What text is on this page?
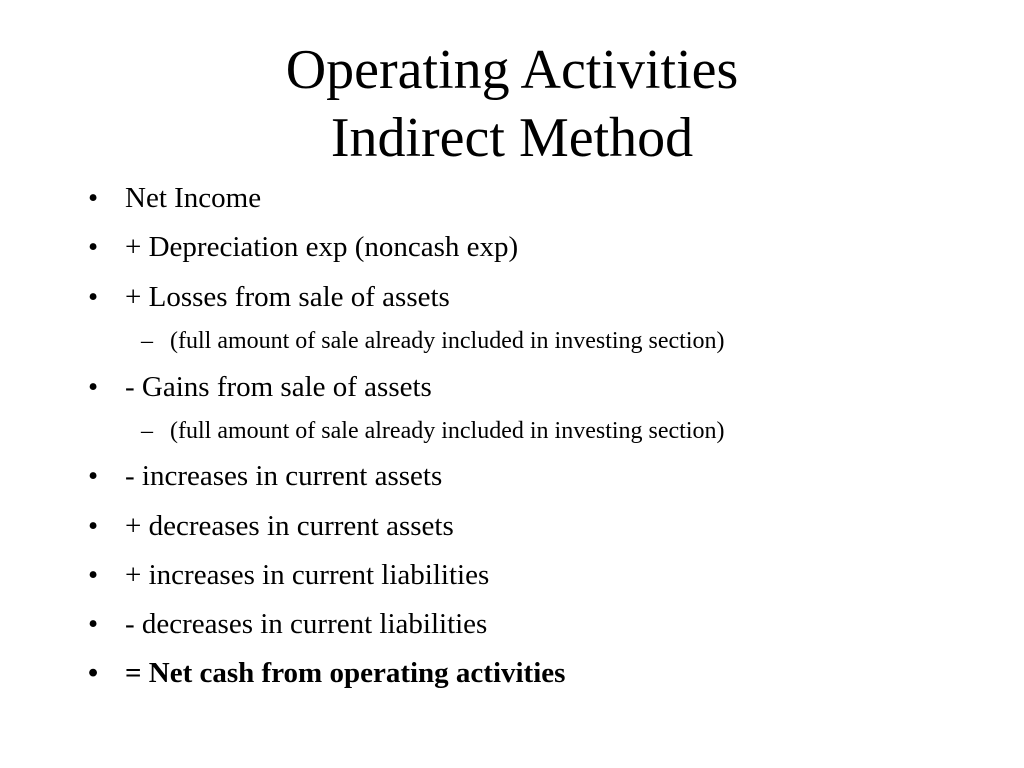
Operating Activities
Indirect Method
• Net Income
• + Depreciation exp (noncash exp)
• + Losses from sale of assets
– (full amount of sale already included in investing section)
• - Gains from sale of assets
– (full amount of sale already included in investing section)
• - increases in current assets
• + decreases in current assets
• + increases in current liabilities
• - decreases in current liabilities
• = Net cash from operating activities
